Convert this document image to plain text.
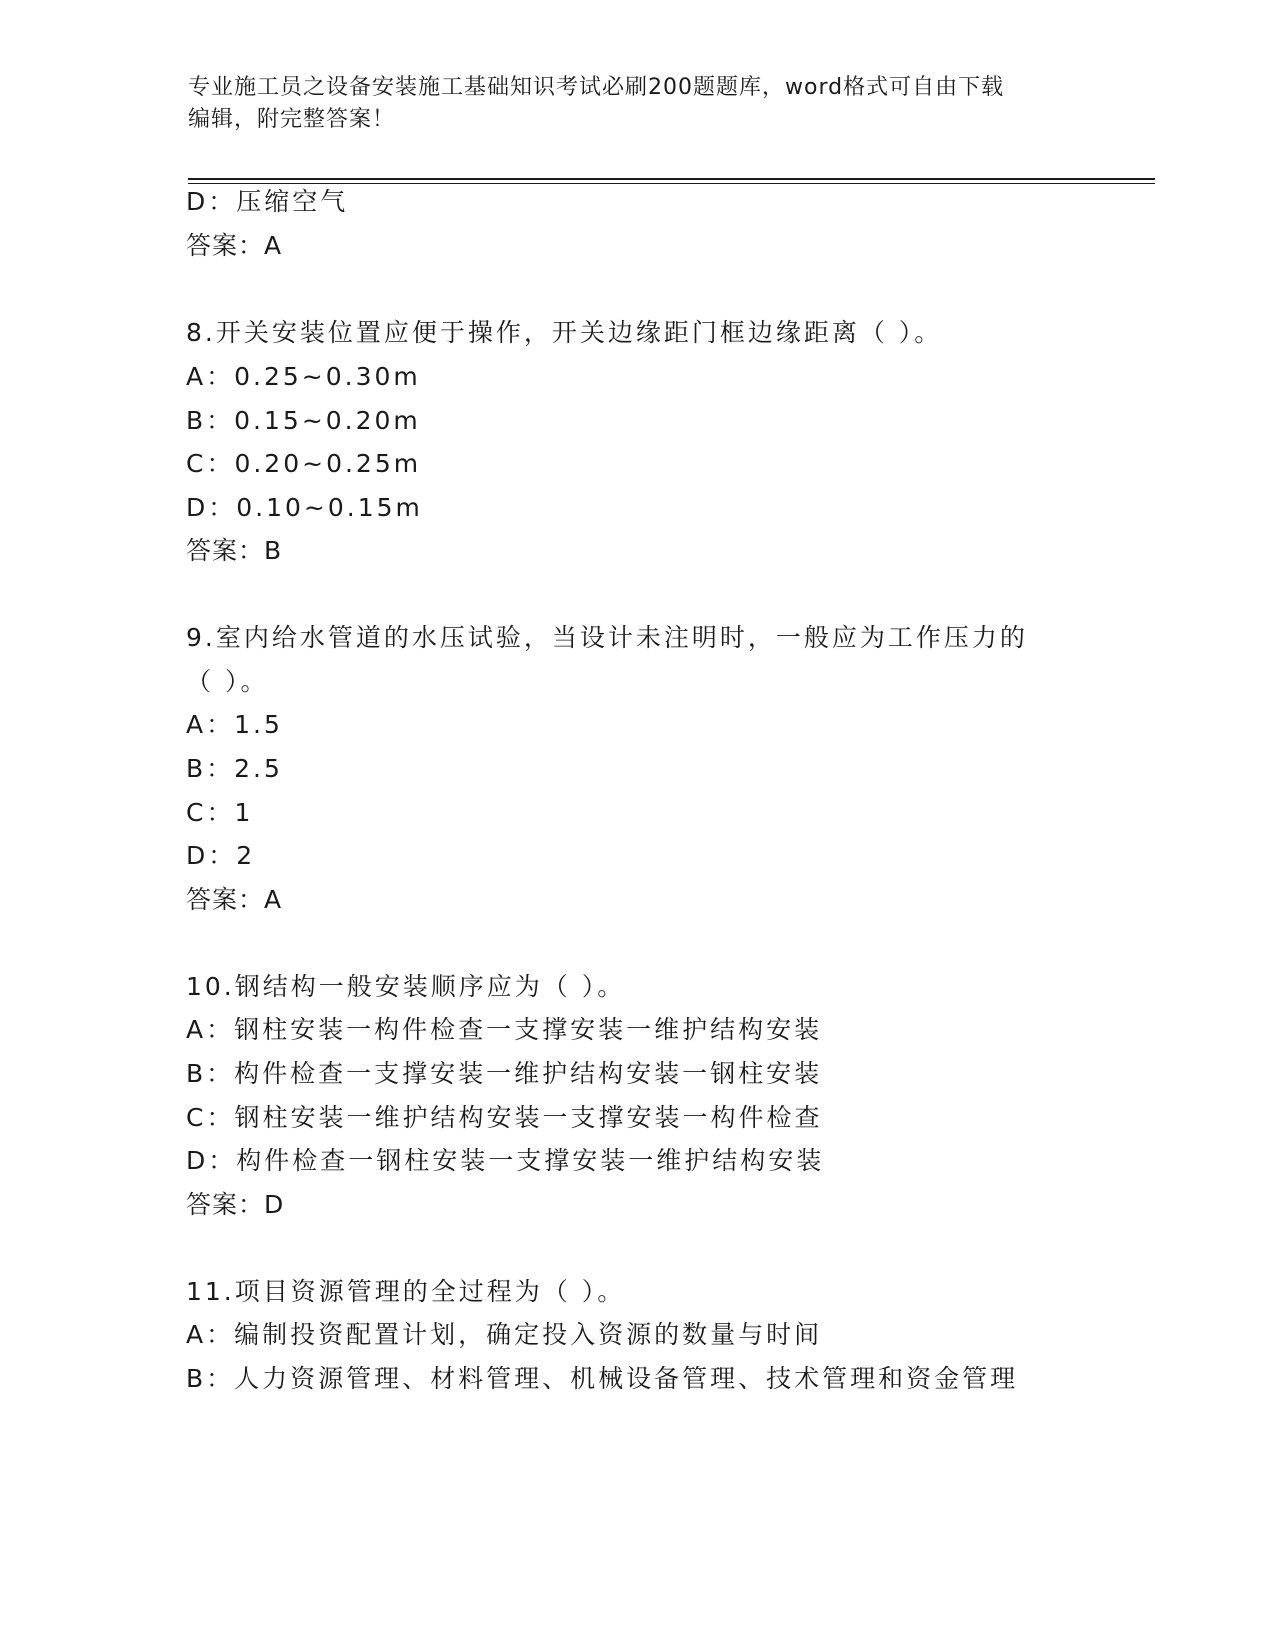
专业施工员之设备安装施工基础知识考试必刷200题题库，word格式可自由下载
编辑，附完整答案！
D：压缩空气
答案：A
8.开关安装位置应便于操作，开关边缘距门框边缘距离（ ）。
A：0.25~0.30m
B：0.15~0.20m
C：0.20~0.25m
D：0.10~0.15m
答案：B
9.室内给水管道的水压试验，当设计未注明时，一般应为工作压力的
（ ）。
A：1.5
B：2.5
C：1
D：2
答案：A
10.钢结构一般安装顺序应为（ ）。
A：钢柱安装一构件检查一支撑安装一维护结构安装
B：构件检查一支撑安装一维护结构安装一钢柱安装
C：钢柱安装一维护结构安装一支撑安装一构件检查
D：构件检查一钢柱安装一支撑安装一维护结构安装
答案：D
11.项目资源管理的全过程为（ ）。
A：编制投资配置计划，确定投入资源的数量与时间
B：人力资源管理、材料管理、机械设备管理、技术管理和资金管理
